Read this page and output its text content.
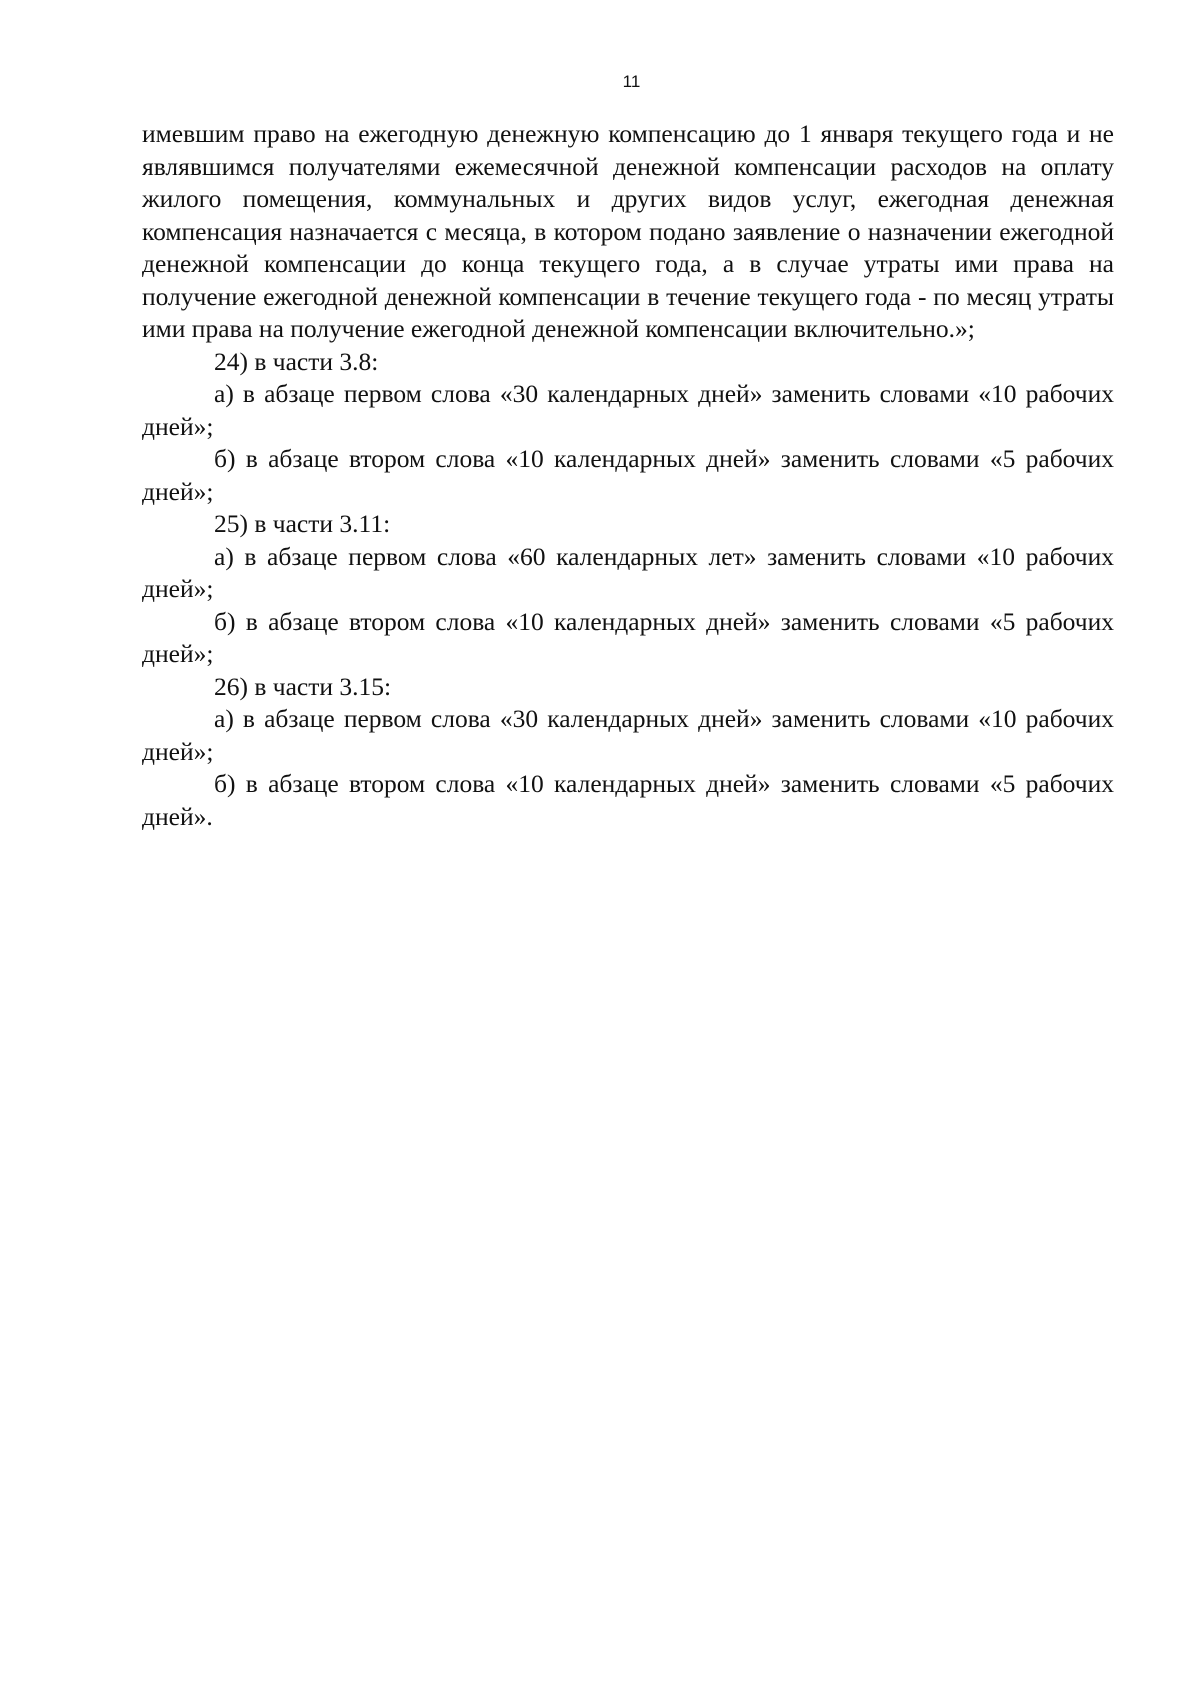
11

имевшим право на ежегодную денежную компенсацию до 1 января текущего года и не являвшимся получателями ежемесячной денежной компенсации расходов на оплату жилого помещения, коммунальных и других видов услуг, ежегодная денежная компенсация назначается с месяца, в котором подано заявление о назначении ежегодной денежной компенсации до конца текущего года, а в случае утраты ими права на получение ежегодной денежной компенсации в течение текущего года - по месяц утраты ими права на получение ежегодной денежной компенсации включительно.»;

24) в части 3.8:

а) в абзаце первом слова «30 календарных дней» заменить словами «10 рабочих дней»;

б) в абзаце втором слова «10 календарных дней» заменить словами «5 рабочих дней»;

25) в части 3.11:

а) в абзаце первом слова «60 календарных лет» заменить словами «10 рабочих дней»;

б) в абзаце втором слова «10 календарных дней» заменить словами «5 рабочих дней»;

26) в части 3.15:

а) в абзаце первом слова «30 календарных дней» заменить словами «10 рабочих дней»;

б) в абзаце втором слова «10 календарных дней» заменить словами «5 рабочих дней».
